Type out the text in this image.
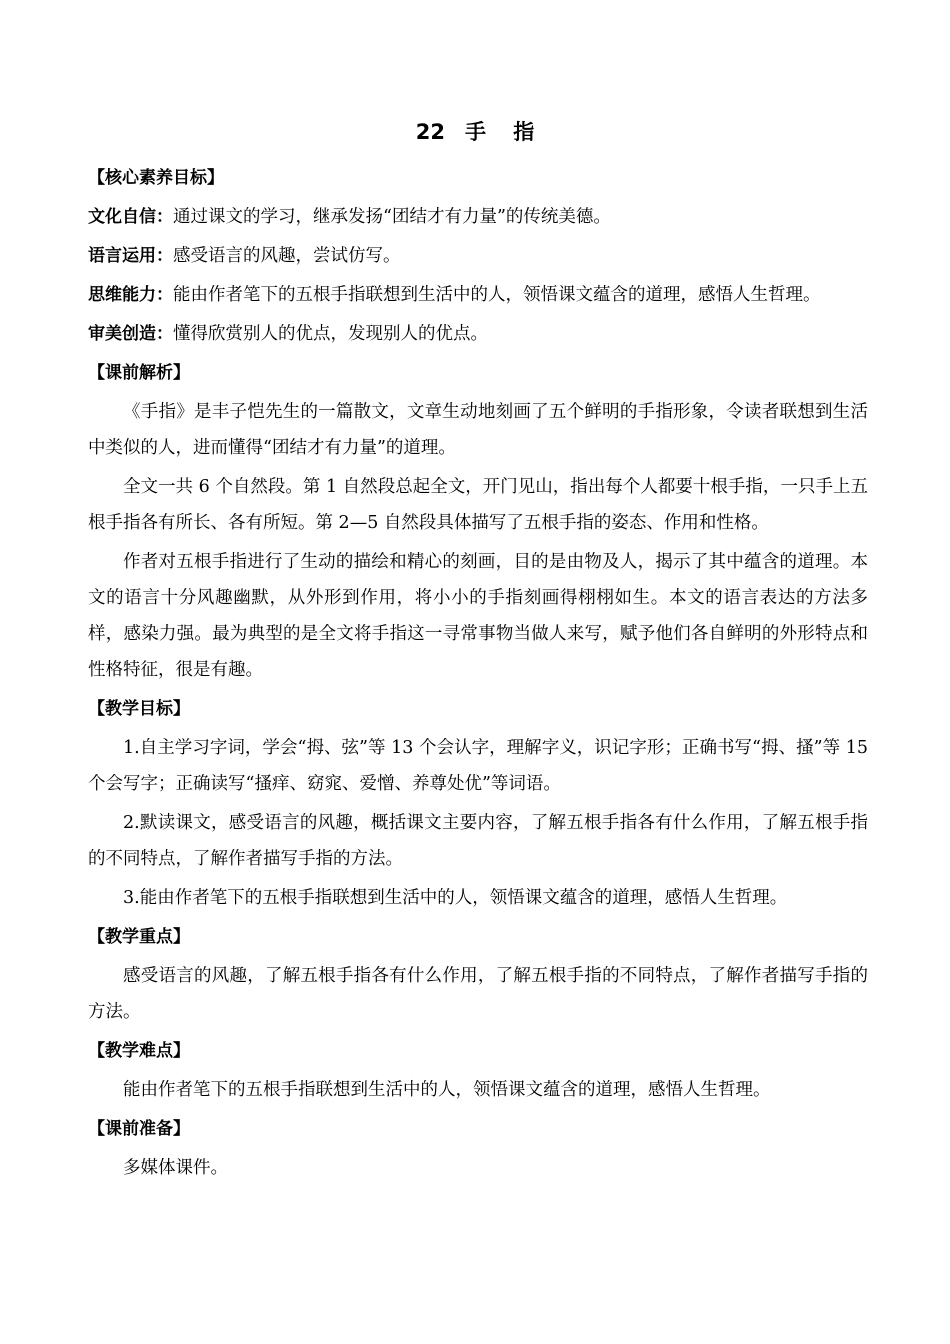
22 手 指
【核心素养目标】
文化自信：通过课文的学习，继承发扬“团结才有力量”的传统美德。
语言运用：感受语言的风趣，尝试仿写。
思维能力：能由作者笔下的五根手指联想到生活中的人，领悟课文蕴含的道理，感悟人生哲理。
审美创造：懂得欣赏别人的优点，发现别人的优点。
【课前解析】
《手指》是丰子恺先生的一篇散文，文章生动地刻画了五个鲜明的手指形象，令读者联想到生活中类似的人，进而懂得“团结才有力量”的道理。
全文一共 6 个自然段。第 1 自然段总起全文，开门见山，指出每个人都要十根手指，一只手上五根手指各有所长、各有所短。第 2—5 自然段具体描写了五根手指的姿态、作用和性格。
作者对五根手指进行了生动的描绘和精心的刻画，目的是由物及人，揭示了其中蕴含的道理。本文的语言十分风趣幽默，从外形到作用，将小小的手指刻画得栩栩如生。本文的语言表达的方法多样，感染力强。最为典型的是全文将手指这一寻常事物当做人来写，赋予他们各自鲜明的外形特点和性格特征，很是有趣。
【教学目标】
1.自主学习字词，学会“拇、弦”等 13 个会认字，理解字义，识记字形；正确书写“拇、搔”等 15 个会写字；正确读写“搔痒、窈窕、爱憎、养尊处优”等词语。
2.默读课文，感受语言的风趣，概括课文主要内容，了解五根手指各有什么作用，了解五根手指的不同特点，了解作者描写手指的方法。
3.能由作者笔下的五根手指联想到生活中的人，领悟课文蕴含的道理，感悟人生哲理。
【教学重点】
感受语言的风趣，了解五根手指各有什么作用，了解五根手指的不同特点，了解作者描写手指的方法。
【教学难点】
能由作者笔下的五根手指联想到生活中的人，领悟课文蕴含的道理，感悟人生哲理。
【课前准备】
多媒体课件。
